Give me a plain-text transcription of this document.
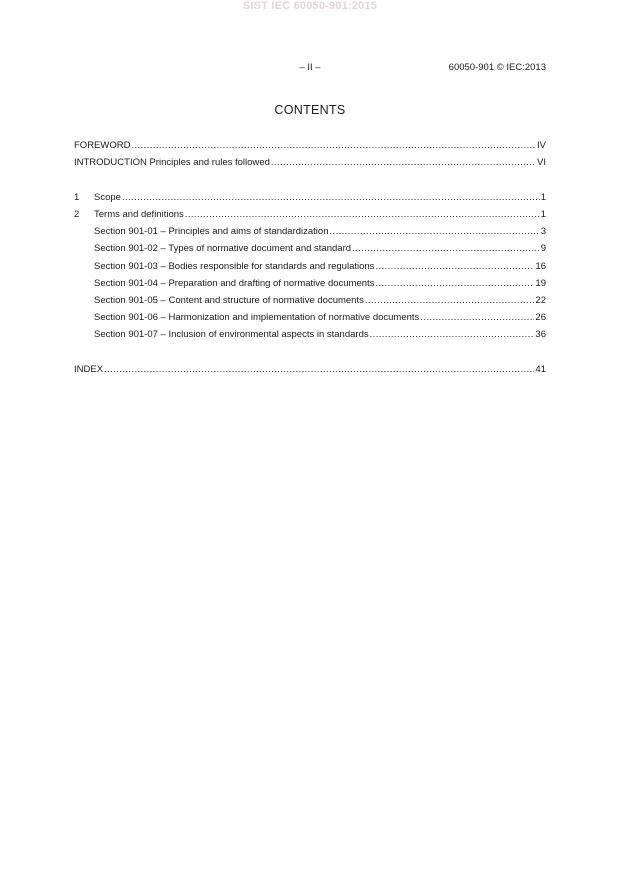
SIST IEC 60050-901:2015
– II –	60050-901 © IEC:2013
CONTENTS
FOREWORD .....	IV
INTRODUCTION Principles and rules followed .....	VI
1	Scope .....	1
2	Terms and definitions .....	1
Section 901-01 – Principles and aims of standardization .....	3
Section 901-02 – Types of normative document and standard .....	9
Section 901-03 – Bodies responsible for standards and regulations .....	16
Section 901-04 – Preparation and drafting of normative documents .....	19
Section 901-05 – Content and structure of normative documents .....	22
Section 901-06 – Harmonization and implementation of normative documents .....	26
Section 901-07 – Inclusion of environmental aspects in standards .....	36
INDEX .....	41
